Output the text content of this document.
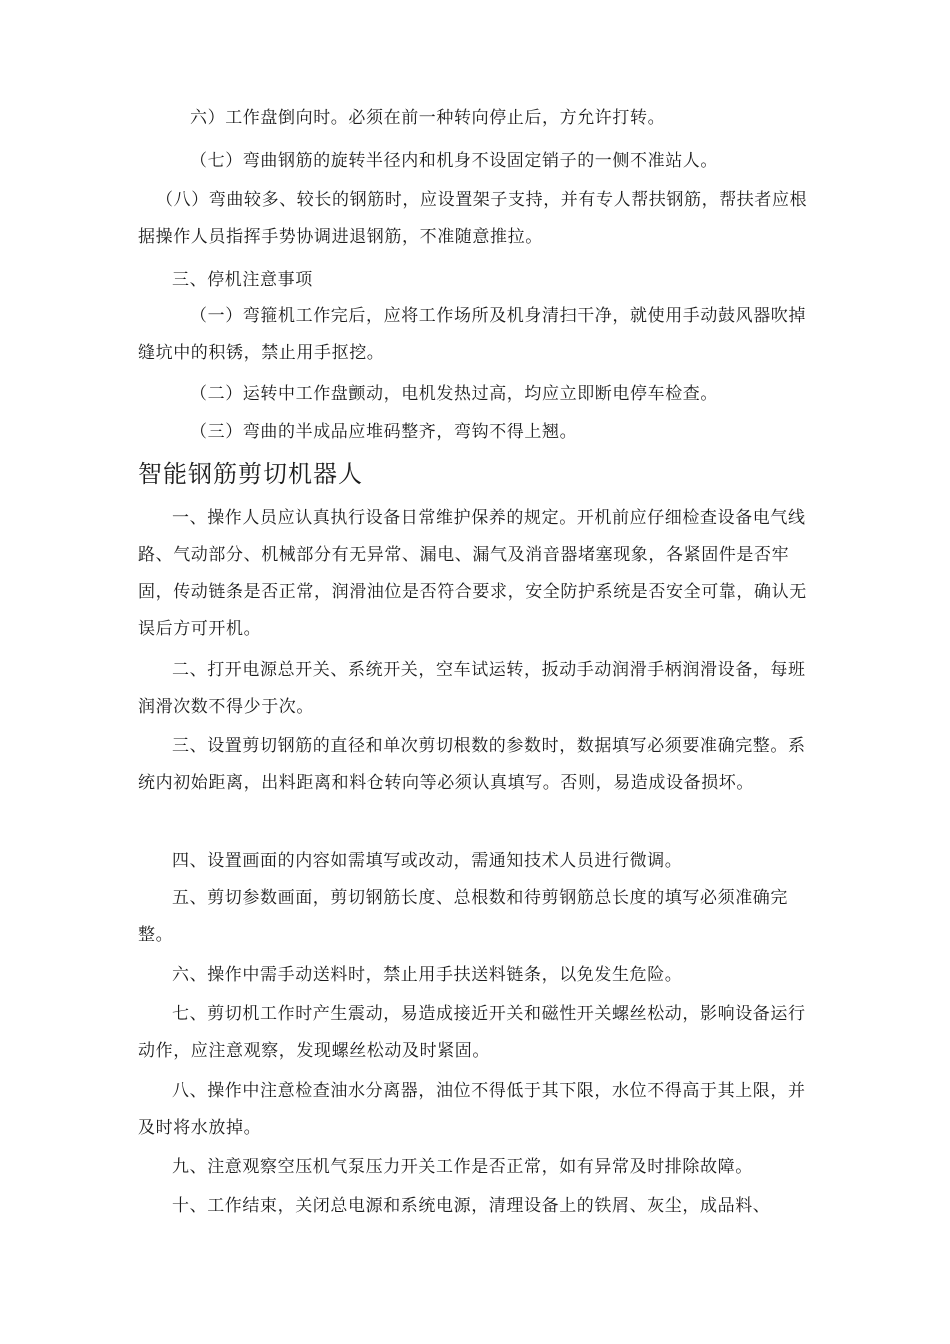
六）工作盘倒向时。必须在前一种转向停止后，方允许打转。

（七）弯曲钢筋的旋转半径内和机身不设固定销子的一侧不准站人。

（八）弯曲较多、较长的钢筋时，应设置架子支持，并有专人帮扶钢筋，帮扶者应根据操作人员指挥手势协调进退钢筋，不准随意推拉。

三、停机注意事项

（一）弯箍机工作完后，应将工作场所及机身清扫干净，就使用手动鼓风器吹掉缝坑中的积锈，禁止用手抠挖。

（二）运转中工作盘颤动，电机发热过高，均应立即断电停车检查。

（三）弯曲的半成品应堆码整齐，弯钩不得上翘。

智能钢筋剪切机器人

一、操作人员应认真执行设备日常维护保养的规定。开机前应仔细检查设备电气线路、气动部分、机械部分有无异常、漏电、漏气及消音器堵塞现象，各紧固件是否牢固，传动链条是否正常，润滑油位是否符合要求，安全防护系统是否安全可靠，确认无误后方可开机。

二、打开电源总开关、系统开关，空车试运转，扳动手动润滑手柄润滑设备，每班润滑次数不得少于次。

三、设置剪切钢筋的直径和单次剪切根数的参数时，数据填写必须要准确完整。系统内初始距离，出料距离和料仓转向等必须认真填写。否则，易造成设备损坏。

四、设置画面的内容如需填写或改动，需通知技术人员进行微调。

五、剪切参数画面，剪切钢筋长度、总根数和待剪钢筋总长度的填写必须准确完整。

六、操作中需手动送料时，禁止用手扶送料链条，以免发生危险。

七、剪切机工作时产生震动，易造成接近开关和磁性开关螺丝松动，影响设备运行动作，应注意观察，发现螺丝松动及时紧固。

八、操作中注意检查油水分离器，油位不得低于其下限，水位不得高于其上限，并及时将水放掉。

九、注意观察空压机气泵压力开关工作是否正常，如有异常及时排除故障。

十、工作结束，关闭总电源和系统电源，清理设备上的铁屑、灰尘，成品料、
